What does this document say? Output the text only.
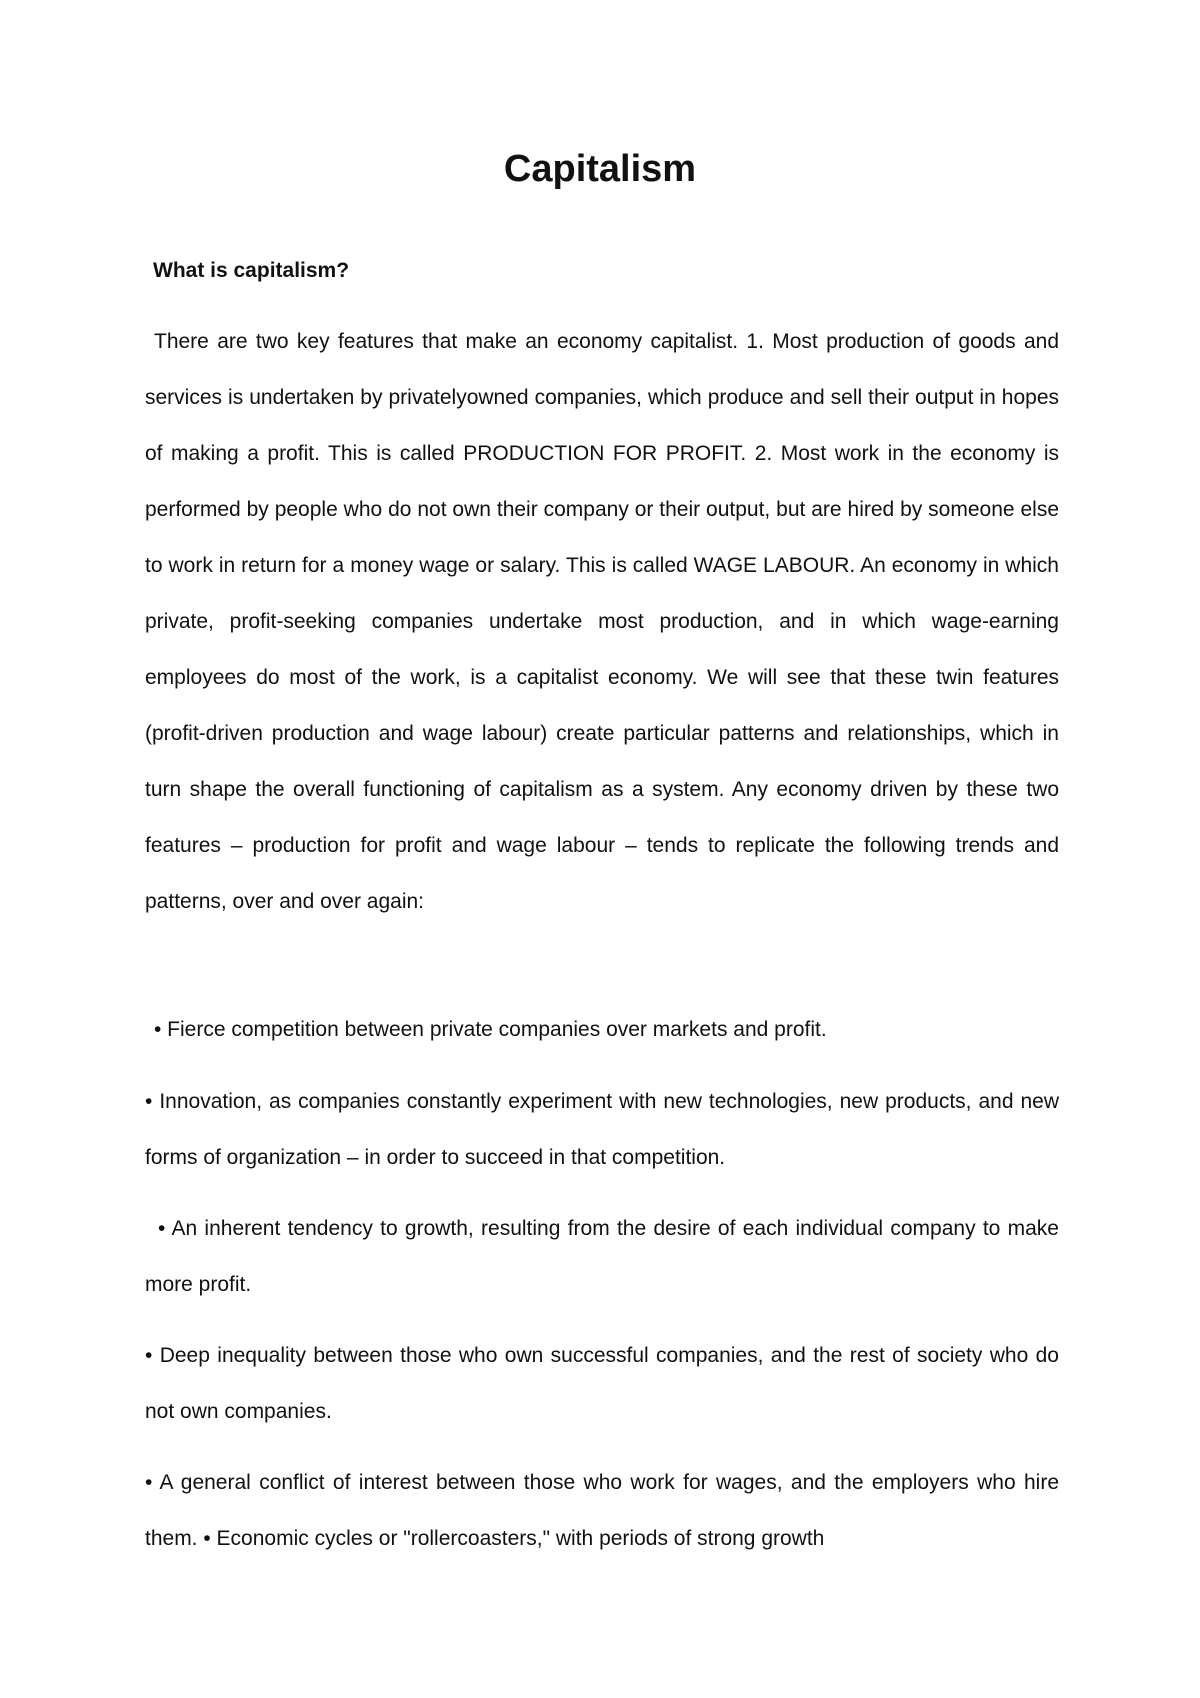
Capitalism
What is capitalism?

There are two key features that make an economy capitalist. 1. Most production of goods and services is undertaken by privatelyowned companies, which produce and sell their output in hopes of making a profit. This is called PRODUCTION FOR PROFIT. 2. Most work in the economy is performed by people who do not own their company or their output, but are hired by someone else to work in return for a money wage or salary. This is called WAGE LABOUR. An economy in which private, profit-seeking companies undertake most production, and in which wage-earning employees do most of the work, is a capitalist economy. We will see that these twin features (profit-driven production and wage labour) create particular patterns and relationships, which in turn shape the overall functioning of capitalism as a system. Any economy driven by these two features – production for profit and wage labour – tends to replicate the following trends and patterns, over and over again:

• Fierce competition between private companies over markets and profit.

• Innovation, as companies constantly experiment with new technologies, new products, and new forms of organization – in order to succeed in that competition.

• An inherent tendency to growth, resulting from the desire of each individual company to make more profit.

• Deep inequality between those who own successful companies, and the rest of society who do not own companies.

• A general conflict of interest between those who work for wages, and the employers who hire them. • Economic cycles or "rollercoasters," with periods of strong growth
